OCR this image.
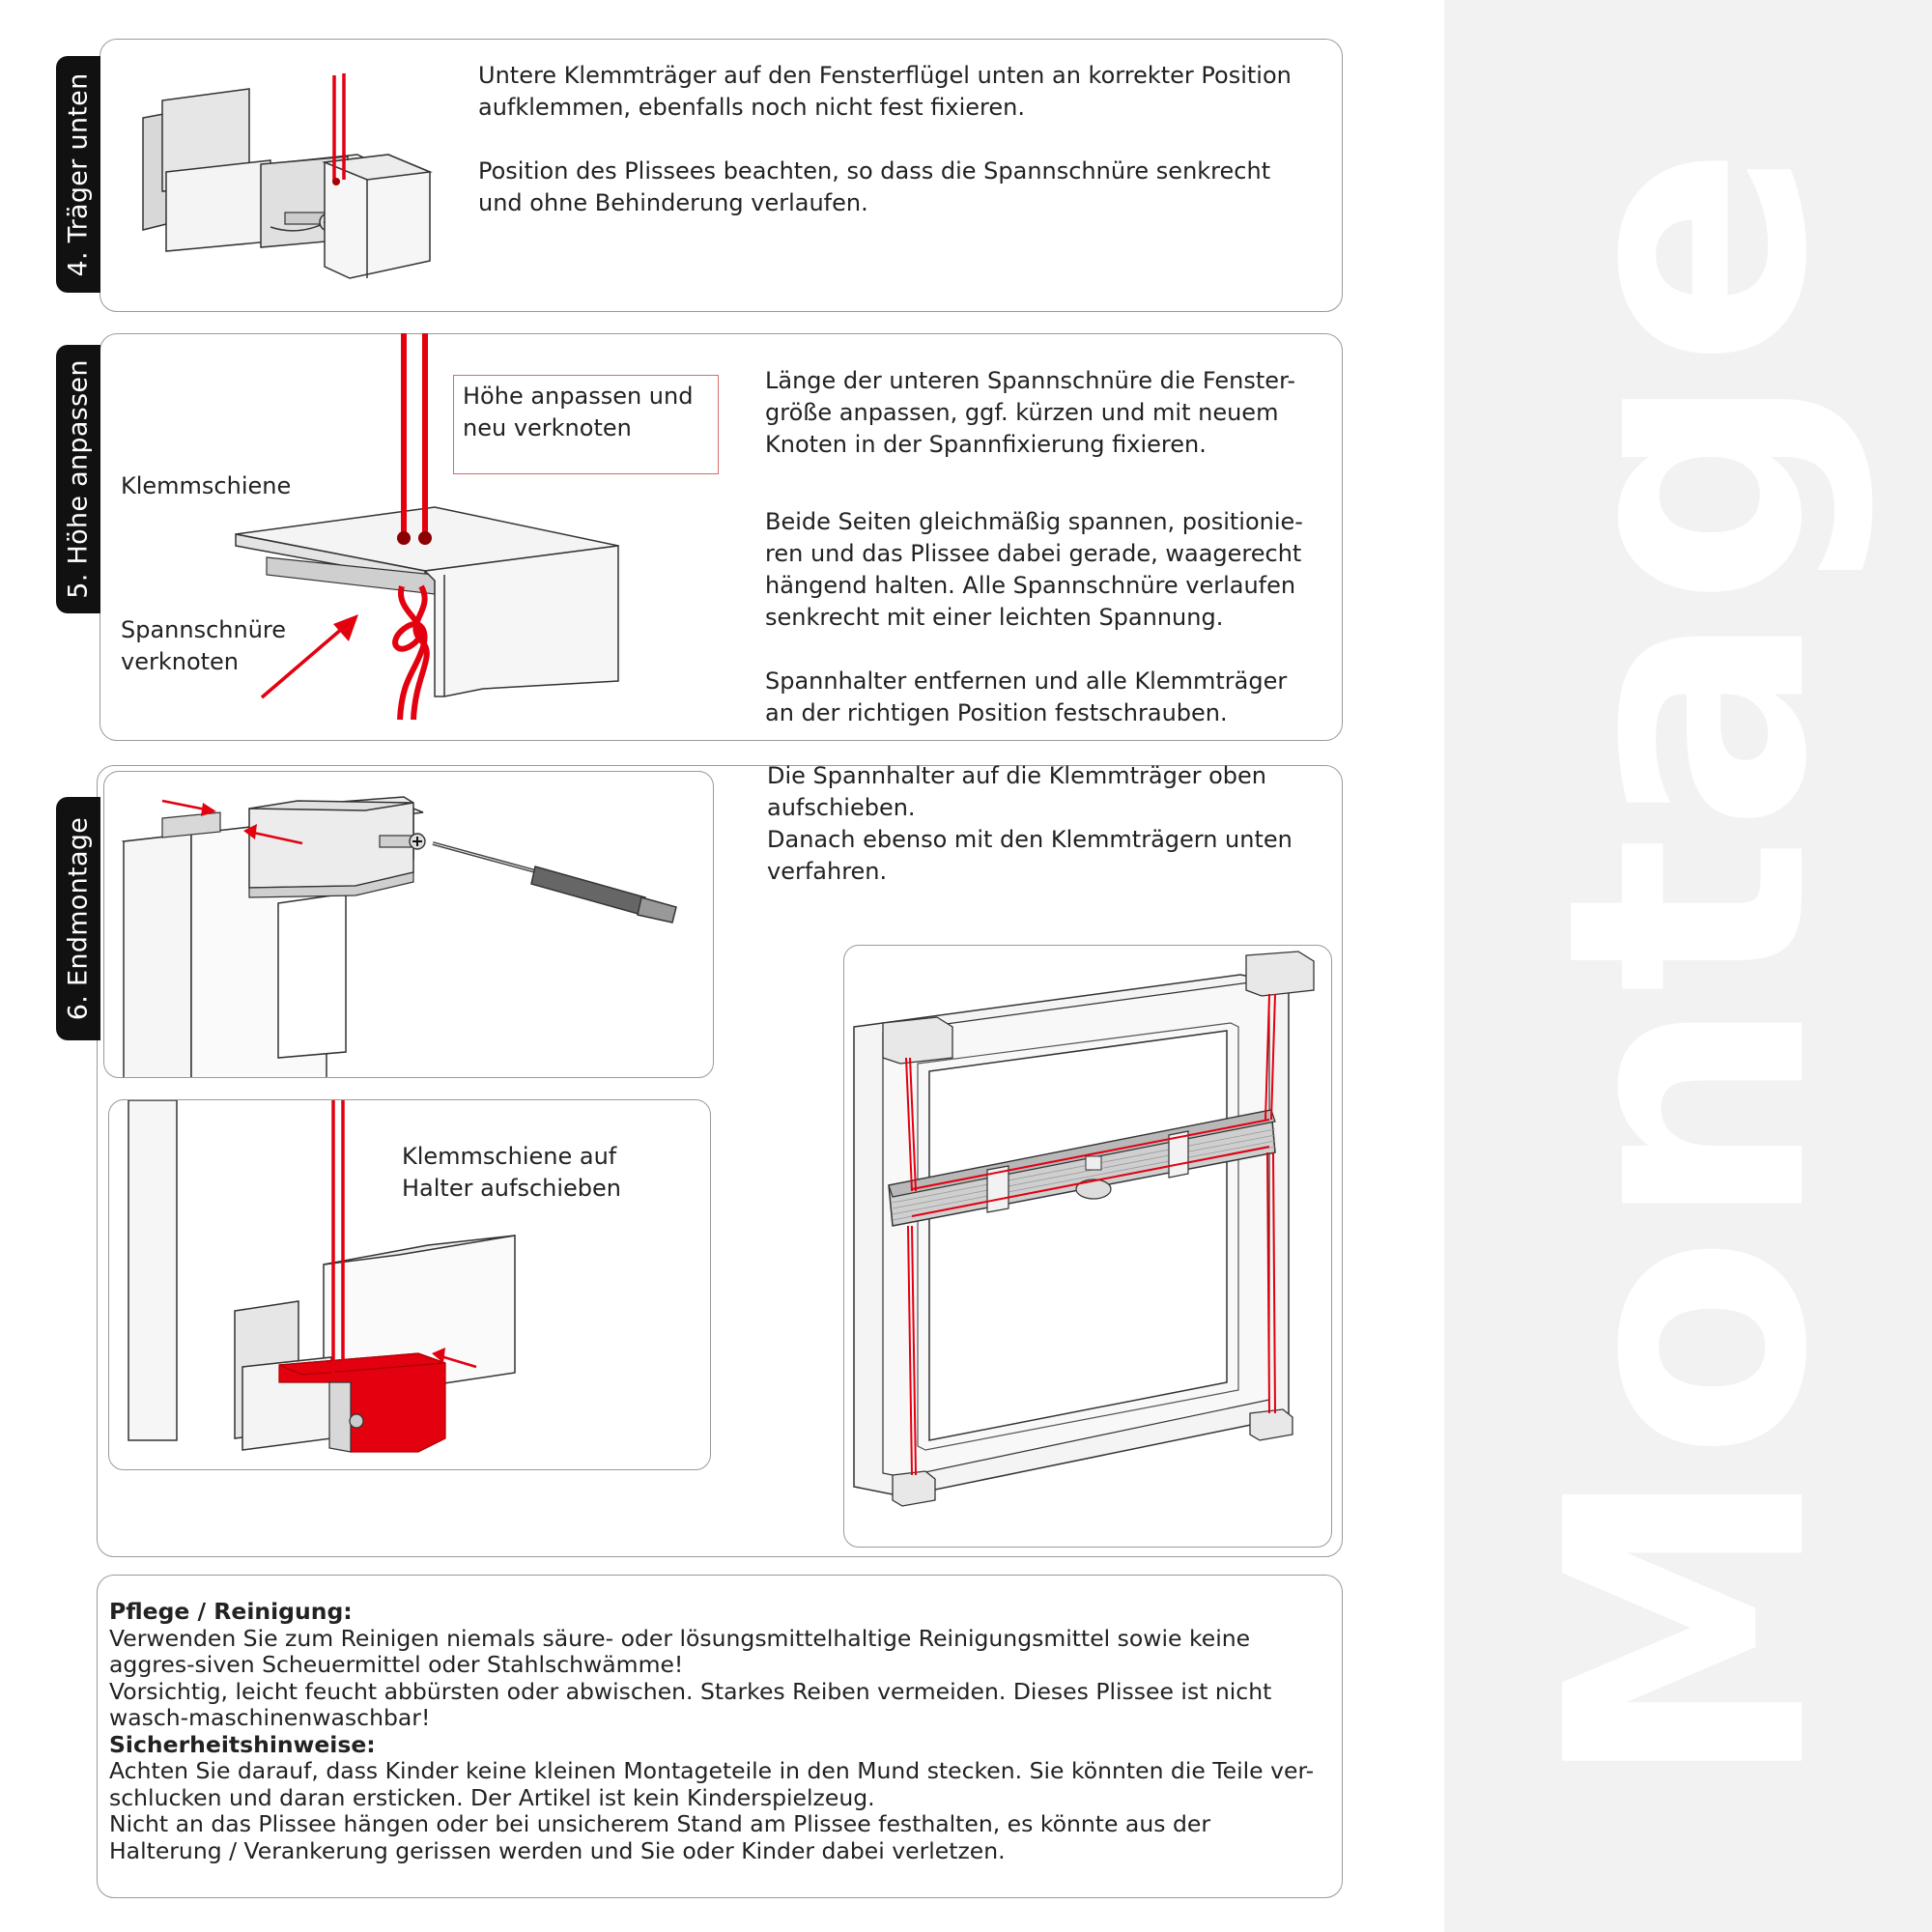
Montage
4. Träger unten	Untere Klemmträger auf den Fensterflügel unten an korrekter Position aufklemmen, ebenfalls noch nicht fest fixieren.

Position des Plissees beachten, so dass die Spannschnüre senkrecht und ohne Behinderung verlaufen.

5. Höhe anpassen	Höhe anpassen und neu verknoten
Klemmschiene
Spannschnüre verknoten

Länge der unteren Spannschnüre die Fenster-größe anpassen, ggf. kürzen und mit neuem Knoten in der Spannfixierung fixieren.

Beide Seiten gleichmäßig spannen, positionie-ren und das Plissee dabei gerade, waagerecht hängend halten. Alle Spannschnüre verlaufen senkrecht mit einer leichten Spannung.

Spannhalter entfernen und alle Klemmträger an der richtigen Position festschrauben.

6. Endmontage
Klemmschiene auf Halter aufschieben

Die Spannhalter auf die Klemmträger oben aufschieben.

Danach ebenso mit den Klemmträgern unten verfahren.

Pflege / Reinigung:
Verwenden Sie zum Reinigen niemals säure- oder lösungsmittelhaltige Reinigungsmittel sowie keine aggres-siven Scheuermittel oder Stahlschwämme!
Vorsichtig, leicht feucht abbürsten oder abwischen. Starkes Reiben vermeiden. Dieses Plissee ist nicht wasch-maschinenwaschbar!
Sicherheitshinweise:
Achten Sie darauf, dass Kinder keine kleinen Montageteile in den Mund stecken. Sie könnten die Teile ver-schlucken und daran ersticken. Der Artikel ist kein Kinderspielzeug.
Nicht an das Plissee hängen oder bei unsicherem Stand am Plissee festhalten, es könnte aus der Halterung / Verankerung gerissen werden und Sie oder Kinder dabei verletzen.
